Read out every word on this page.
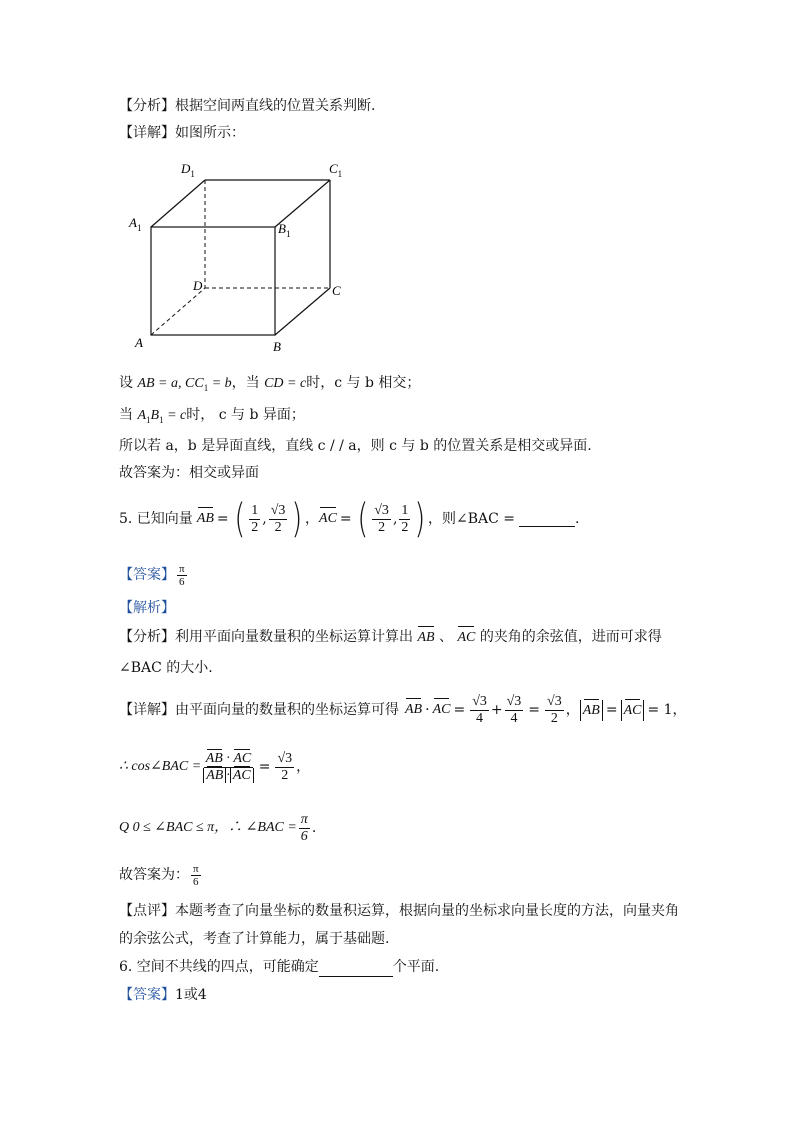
【分析】根据空间两直线的位置关系判断.
【详解】如图所示：
$D_1$	$C_1$
$A_1$	$B_1$
D	C
A	B
设 AB = a, $CC_1 = b$，当 CD = c时，c 与 b 相交；
当 $A_1B_1 = c$时， c 与 b 异面；
所以若 a，b 是异面直线，直线 c / / a，则 c 与 b 的位置关系是相交或异面.
故答案为：相交或异面
5. 已知向量 AB = ( $\frac{1}{2}$ , $\frac{√3}{2}$ ) ， AC = ( $\frac{√3}{2}$ , $\frac{1}{2}$ ) ，则∠BAC =	.
【答案】 $\frac{\pi}{6}$
【解析】
【分析】利用平面向量数量积的坐标运算计算出 AB 、 AC 的夹角的余弦值，进而可求得
∠BAC 的大小.
【详解】 由平面向量的数量积的坐标运算可得 AB · AC = $\frac{√3}{4} + \frac{√3}{4} = \frac{√3}{2}$ ， AB = AC = 1，
∴ cos∠BAC = $\frac{AB \cdot AC}{AB \cdot AC} = \frac{√3}{2}$ ，
Q 0 ≤ ∠BAC ≤ π，∴ ∠BAC = $\frac{\pi}{6}$ .
故答案为： $\frac{\pi}{6}$
【点评】本题考查了向量坐标的数量积运算，根据向量的坐标求向量长度的方法，向量夹角
的余弦公式，考查了计算能力，属于基础题.
6. 空间不共线的四点，可能确定	个平面.
【答案】1或4
